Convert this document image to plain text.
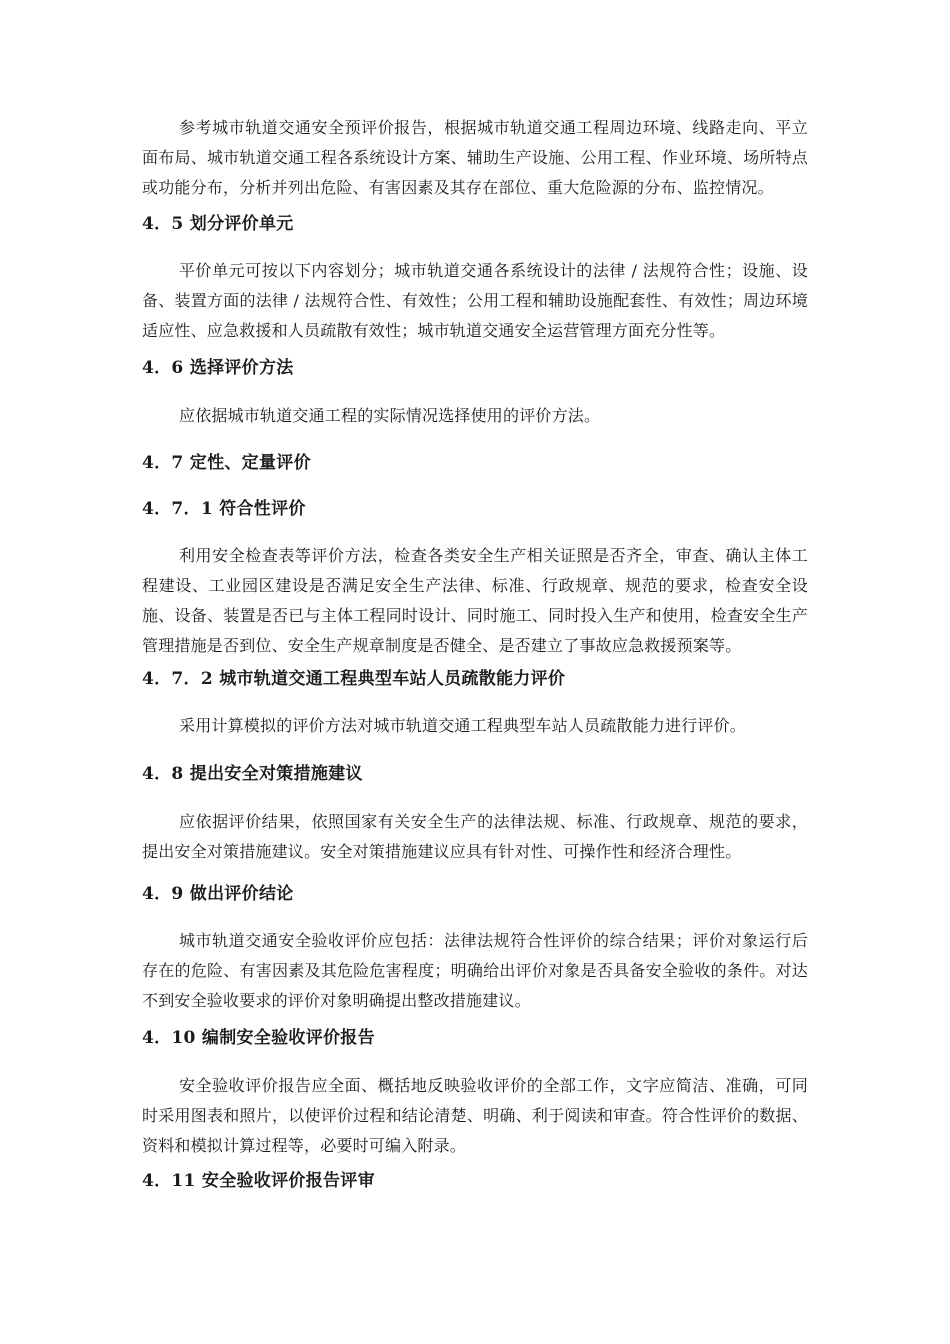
参考城市轨道交通安全预评价报告，根据城市轨道交通工程周边环境、线路走向、平立面布局、城市轨道交通工程各系统设计方案、辅助生产设施、公用工程、作业环境、场所特点或功能分布，分析并列出危险、有害因素及其存在部位、重大危险源的分布、监控情况。

4．5 划分评价单元

平价单元可按以下内容划分；城市轨道交通各系统设计的法律 / 法规符合性；设施、设备、装置方面的法律 / 法规符合性、有效性；公用工程和辅助设施配套性、有效性；周边环境适应性、应急救援和人员疏散有效性；城市轨道交通安全运营管理方面充分性等。

4．6 选择评价方法

应依据城市轨道交通工程的实际情况选择使用的评价方法。

4．7 定性、定量评价
4．7．1 符合性评价

利用安全检查表等评价方法，检查各类安全生产相关证照是否齐全，审查、确认主体工程建设、工业园区建设是否满足安全生产法律、标准、行政规章、规范的要求，检查安全设施、设备、装置是否已与主体工程同时设计、同时施工、同时投入生产和使用，检查安全生产管理措施是否到位、安全生产规章制度是否健全、是否建立了事故应急救援预案等。

4．7．2 城市轨道交通工程典型车站人员疏散能力评价

采用计算模拟的评价方法对城市轨道交通工程典型车站人员疏散能力进行评价。

4．8 提出安全对策措施建议

应依据评价结果，依照国家有关安全生产的法律法规、标准、行政规章、规范的要求，提出安全对策措施建议。安全对策措施建议应具有针对性、可操作性和经济合理性。

4．9 做出评价结论

城市轨道交通安全验收评价应包括：法律法规符合性评价的综合结果；评价对象运行后存在的危险、有害因素及其危险危害程度；明确给出评价对象是否具备安全验收的条件。对达不到安全验收要求的评价对象明确提出整改措施建议。

4．10 编制安全验收评价报告

安全验收评价报告应全面、概括地反映验收评价的全部工作，文字应简洁、准确，可同时采用图表和照片，以使评价过程和结论清楚、明确、利于阅读和审查。符合性评价的数据、资料和模拟计算过程等，必要时可编入附录。

4．11 安全验收评价报告评审
